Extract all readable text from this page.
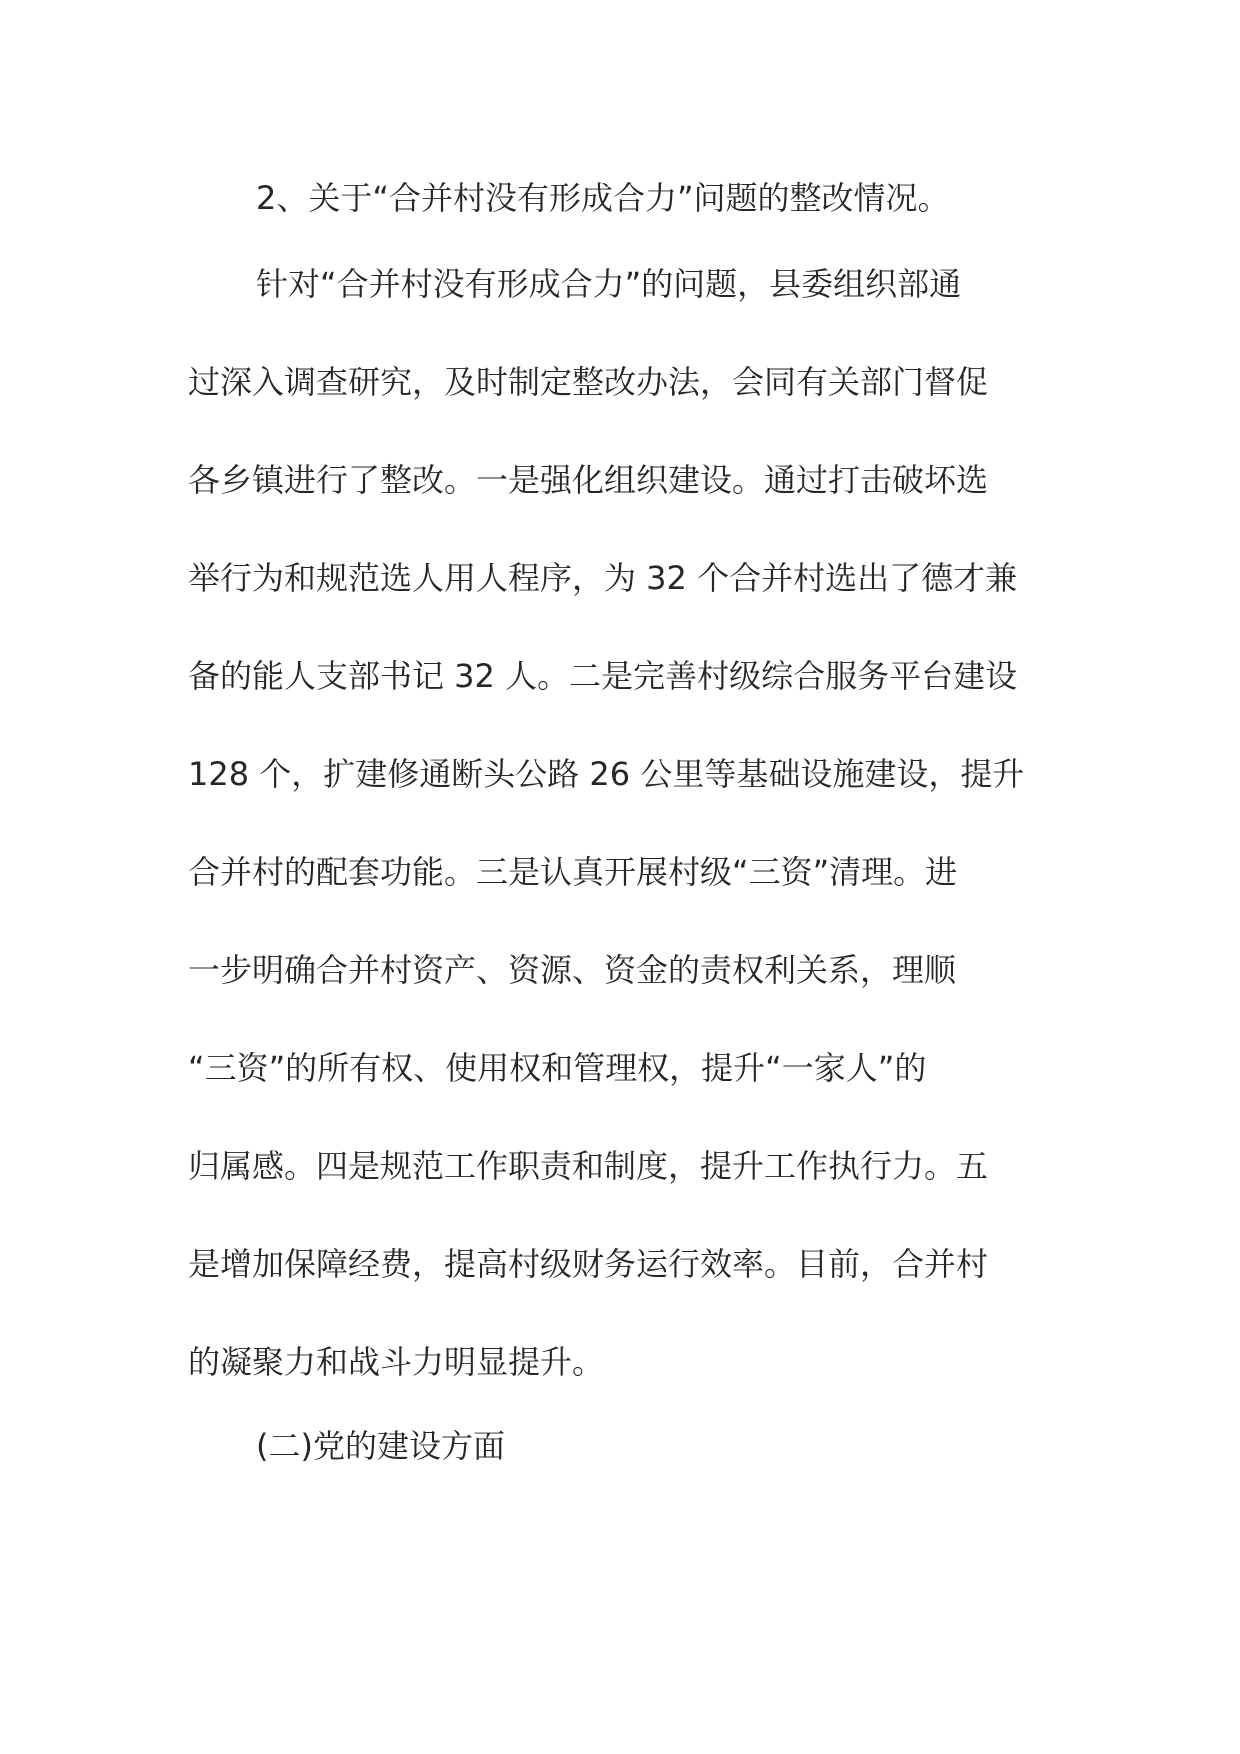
2、关于“合并村没有形成合力”问题的整改情况。

针对“合并村没有形成合力”的问题，县委组织部通

过深入调查研究，及时制定整改办法，会同有关部门督促

各乡镇进行了整改。一是强化组织建设。通过打击破坏选

举行为和规范选人用人程序，为 32 个合并村选出了德才兼

备的能人支部书记 32 人。二是完善村级综合服务平台建设

128 个，扩建修通断头公路 26 公里等基础设施建设，提升

合并村的配套功能。三是认真开展村级“三资”清理。进

一步明确合并村资产、资源、资金的责权利关系，理顺

“三资”的所有权、使用权和管理权，提升“一家人”的

归属感。四是规范工作职责和制度，提升工作执行力。五

是增加保障经费，提高村级财务运行效率。目前，合并村

的凝聚力和战斗力明显提升。

(二)党的建设方面
